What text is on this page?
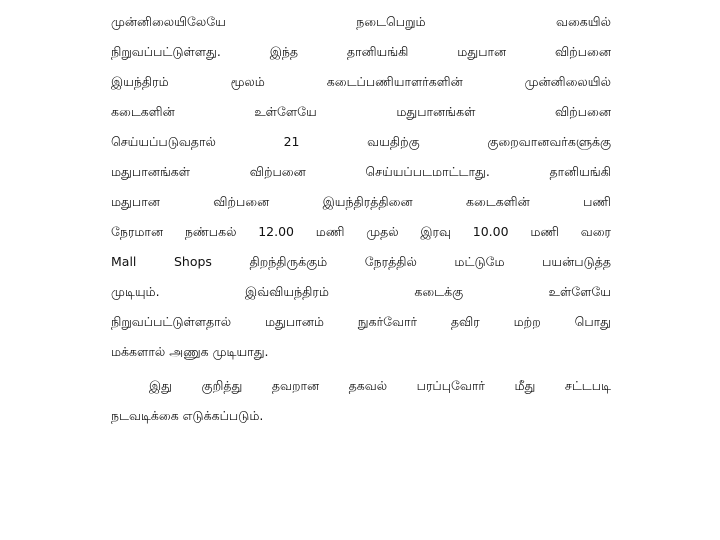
முன்னிலையிலேயே நடைபெறும் வகையில்
நிறுவப்பட்டுள்ளது. இந்த தானியங்கி மதுபான விற்பனை
இயந்திரம் மூலம் கடைப்பணியாளர்களின் முன்னிலையில்
கடைகளின் உள்ளேயே மதுபானங்கள் விற்பனை
செய்யப்படுவதால் 21 வயதிற்கு குறைவானவர்களுக்கு
மதுபானங்கள் விற்பனை செய்யப்படமாட்டாது. தானியங்கி
மதுபான விற்பனை இயந்திரத்தினை கடைகளின் பணி
நேரமான நண்பகல் 12.00 மணி முதல் இரவு 10.00 மணி வரை
Mall Shops திறந்திருக்கும் நேரத்தில் மட்டுமே பயன்படுத்த
முடியும். இவ்வியந்திரம் கடைக்கு உள்ளேயே
நிறுவப்பட்டுள்ளதால் மதுபானம் நுகர்வோர் தவிர மற்ற பொது
மக்களால் அணுக முடியாது.
இது குறித்து தவறான தகவல் பரப்புவோர் மீது சட்டபடி
நடவடிக்கை எடுக்கப்படும்.
